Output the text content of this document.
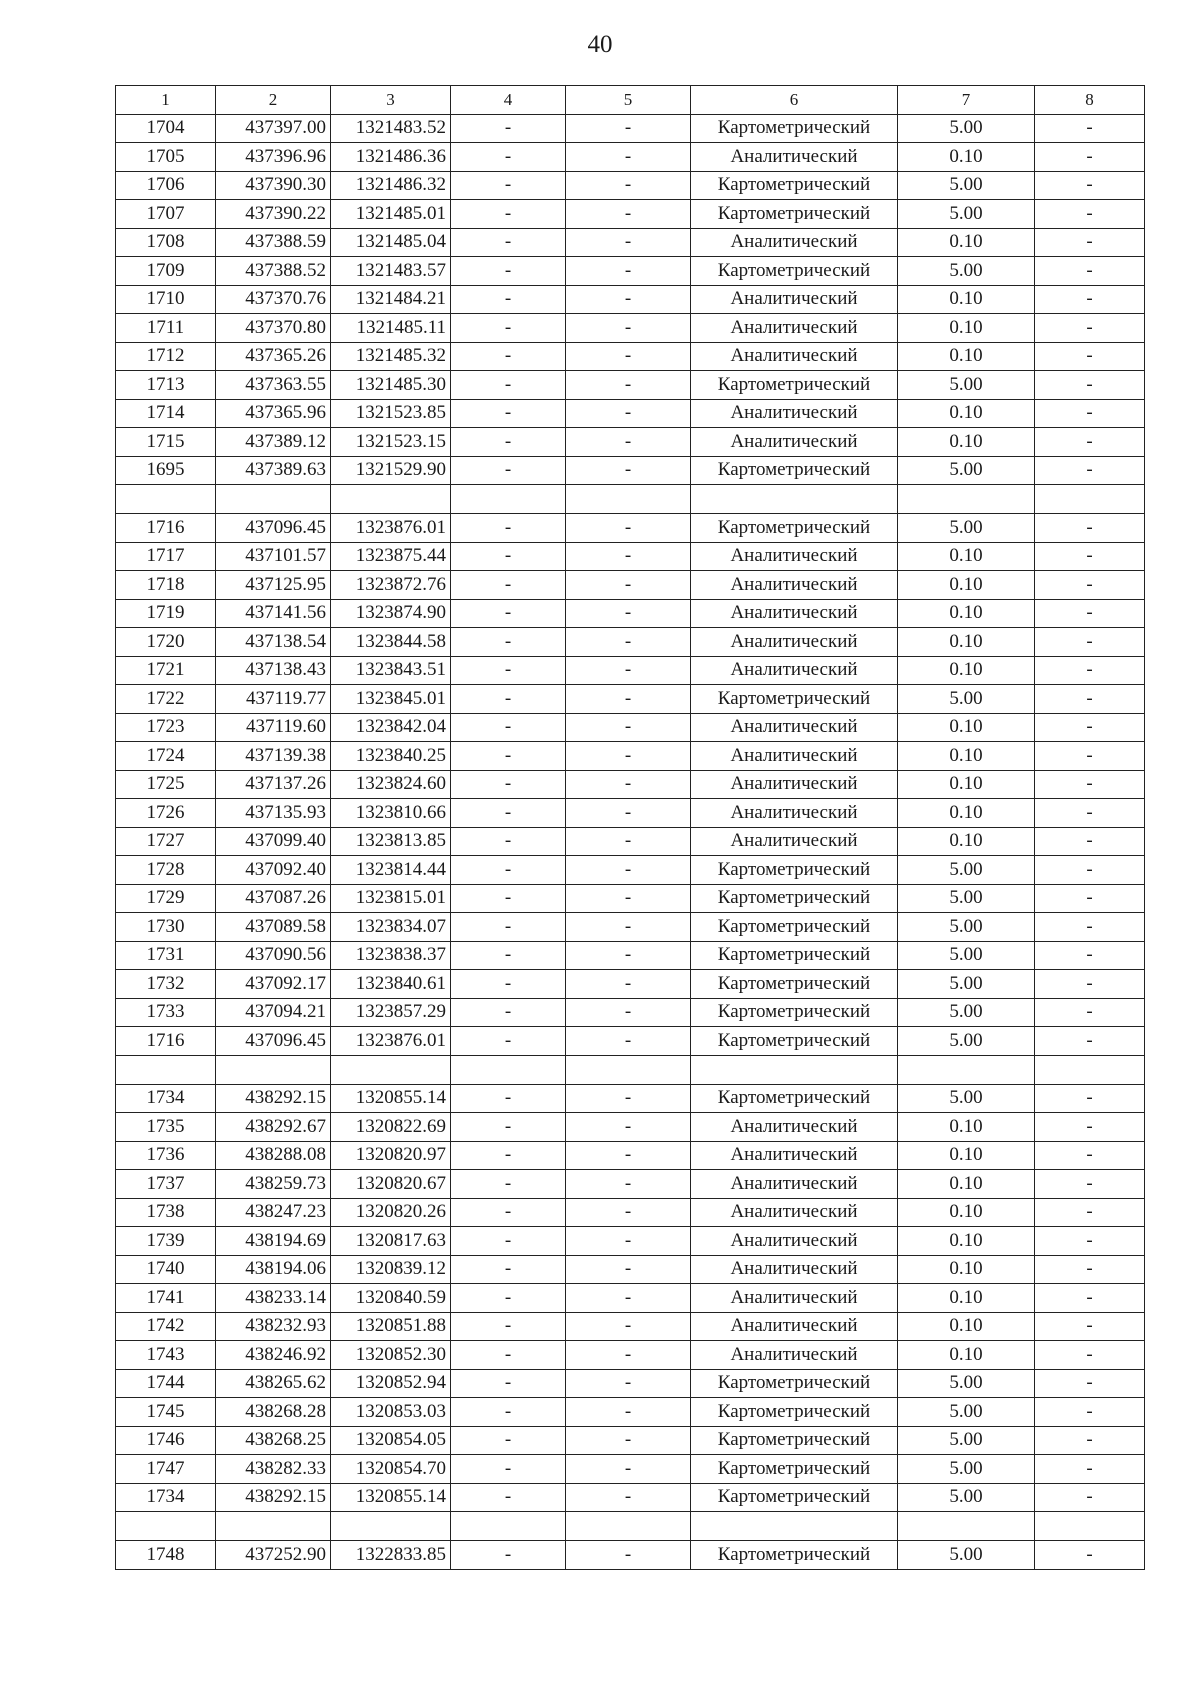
40
1	2	3	4	5	6	7	8
1704	437397.00	1321483.52	-	-	Картометрический	5.00	-
1705	437396.96	1321486.36	-	-	Аналитический	0.10	-
1706	437390.30	1321486.32	-	-	Картометрический	5.00	-
1707	437390.22	1321485.01	-	-	Картометрический	5.00	-
1708	437388.59	1321485.04	-	-	Аналитический	0.10	-
1709	437388.52	1321483.57	-	-	Картометрический	5.00	-
1710	437370.76	1321484.21	-	-	Аналитический	0.10	-
1711	437370.80	1321485.11	-	-	Аналитический	0.10	-
1712	437365.26	1321485.32	-	-	Аналитический	0.10	-
1713	437363.55	1321485.30	-	-	Картометрический	5.00	-
1714	437365.96	1321523.85	-	-	Аналитический	0.10	-
1715	437389.12	1321523.15	-	-	Аналитический	0.10	-
1695	437389.63	1321529.90	-	-	Картометрический	5.00	-

1716	437096.45	1323876.01	-	-	Картометрический	5.00	-
1717	437101.57	1323875.44	-	-	Аналитический	0.10	-
1718	437125.95	1323872.76	-	-	Аналитический	0.10	-
1719	437141.56	1323874.90	-	-	Аналитический	0.10	-
1720	437138.54	1323844.58	-	-	Аналитический	0.10	-
1721	437138.43	1323843.51	-	-	Аналитический	0.10	-
1722	437119.77	1323845.01	-	-	Картометрический	5.00	-
1723	437119.60	1323842.04	-	-	Аналитический	0.10	-
1724	437139.38	1323840.25	-	-	Аналитический	0.10	-
1725	437137.26	1323824.60	-	-	Аналитический	0.10	-
1726	437135.93	1323810.66	-	-	Аналитический	0.10	-
1727	437099.40	1323813.85	-	-	Аналитический	0.10	-
1728	437092.40	1323814.44	-	-	Картометрический	5.00	-
1729	437087.26	1323815.01	-	-	Картометрический	5.00	-
1730	437089.58	1323834.07	-	-	Картометрический	5.00	-
1731	437090.56	1323838.37	-	-	Картометрический	5.00	-
1732	437092.17	1323840.61	-	-	Картометрический	5.00	-
1733	437094.21	1323857.29	-	-	Картометрический	5.00	-
1716	437096.45	1323876.01	-	-	Картометрический	5.00	-

1734	438292.15	1320855.14	-	-	Картометрический	5.00	-
1735	438292.67	1320822.69	-	-	Аналитический	0.10	-
1736	438288.08	1320820.97	-	-	Аналитический	0.10	-
1737	438259.73	1320820.67	-	-	Аналитический	0.10	-
1738	438247.23	1320820.26	-	-	Аналитический	0.10	-
1739	438194.69	1320817.63	-	-	Аналитический	0.10	-
1740	438194.06	1320839.12	-	-	Аналитический	0.10	-
1741	438233.14	1320840.59	-	-	Аналитический	0.10	-
1742	438232.93	1320851.88	-	-	Аналитический	0.10	-
1743	438246.92	1320852.30	-	-	Аналитический	0.10	-
1744	438265.62	1320852.94	-	-	Картометрический	5.00	-
1745	438268.28	1320853.03	-	-	Картометрический	5.00	-
1746	438268.25	1320854.05	-	-	Картометрический	5.00	-
1747	438282.33	1320854.70	-	-	Картометрический	5.00	-
1734	438292.15	1320855.14	-	-	Картометрический	5.00	-

1748	437252.90	1322833.85	-	-	Картометрический	5.00	-
